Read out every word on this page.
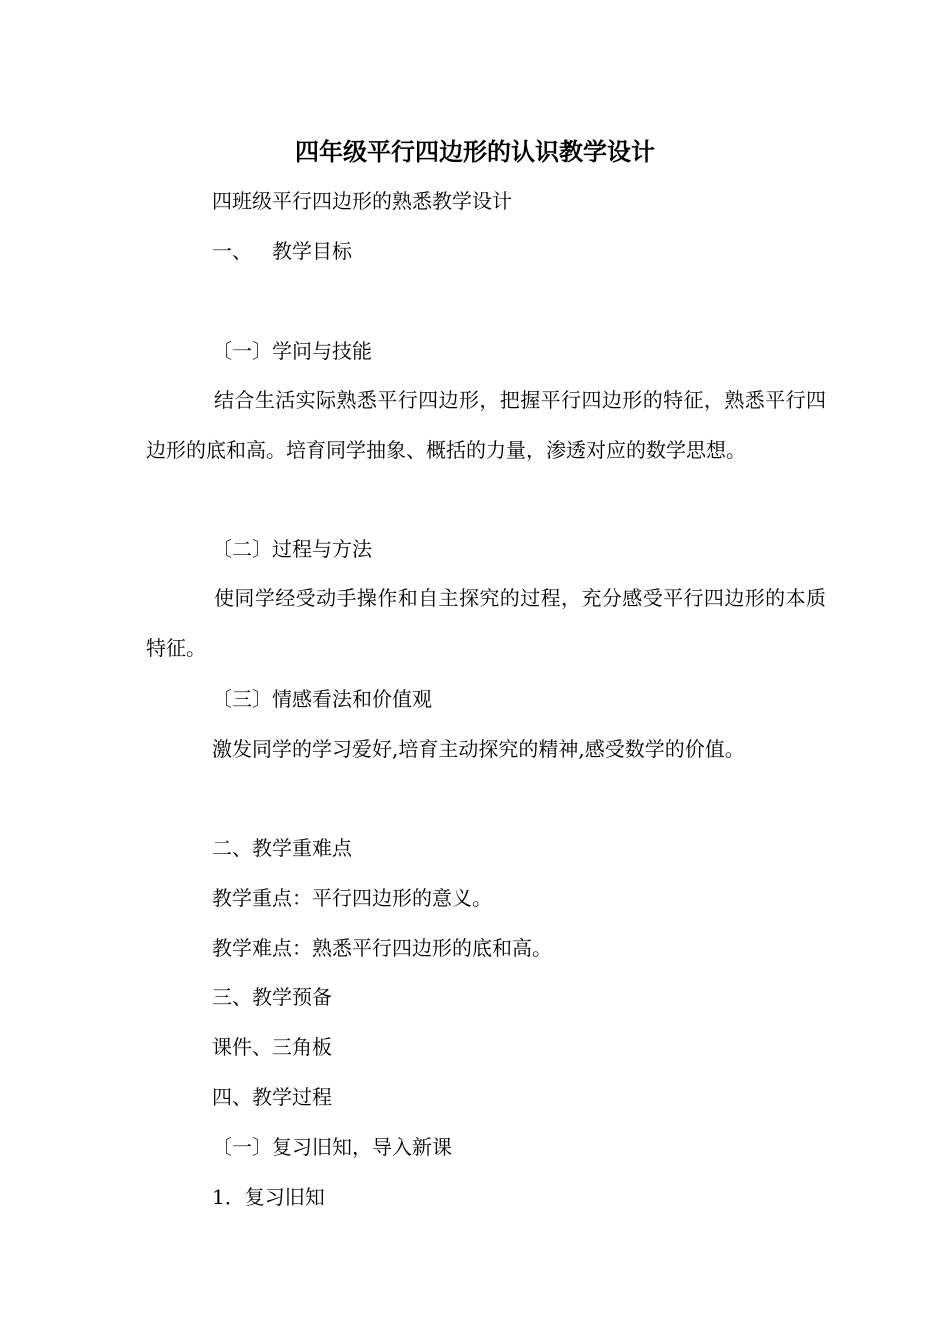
四年级平行四边形的认识教学设计
四班级平行四边形的熟悉教学设计
一、 教学目标
〔一〕学问与技能
结合生活实际熟悉平行四边形，把握平行四边形的特征，熟悉平行四边形的底和高。培育同学抽象、概括的力量，渗透对应的数学思想。
〔二〕过程与方法
使同学经受动手操作和自主探究的过程，充分感受平行四边形的本质特征。
〔三〕情感看法和价值观
激发同学的学习爱好,培育主动探究的精神,感受数学的价值。
二、教学重难点
教学重点：平行四边形的意义。
教学难点：熟悉平行四边形的底和高。
三、教学预备
课件、三角板
四、教学过程
〔一〕复习旧知，导入新课
1．复习旧知
